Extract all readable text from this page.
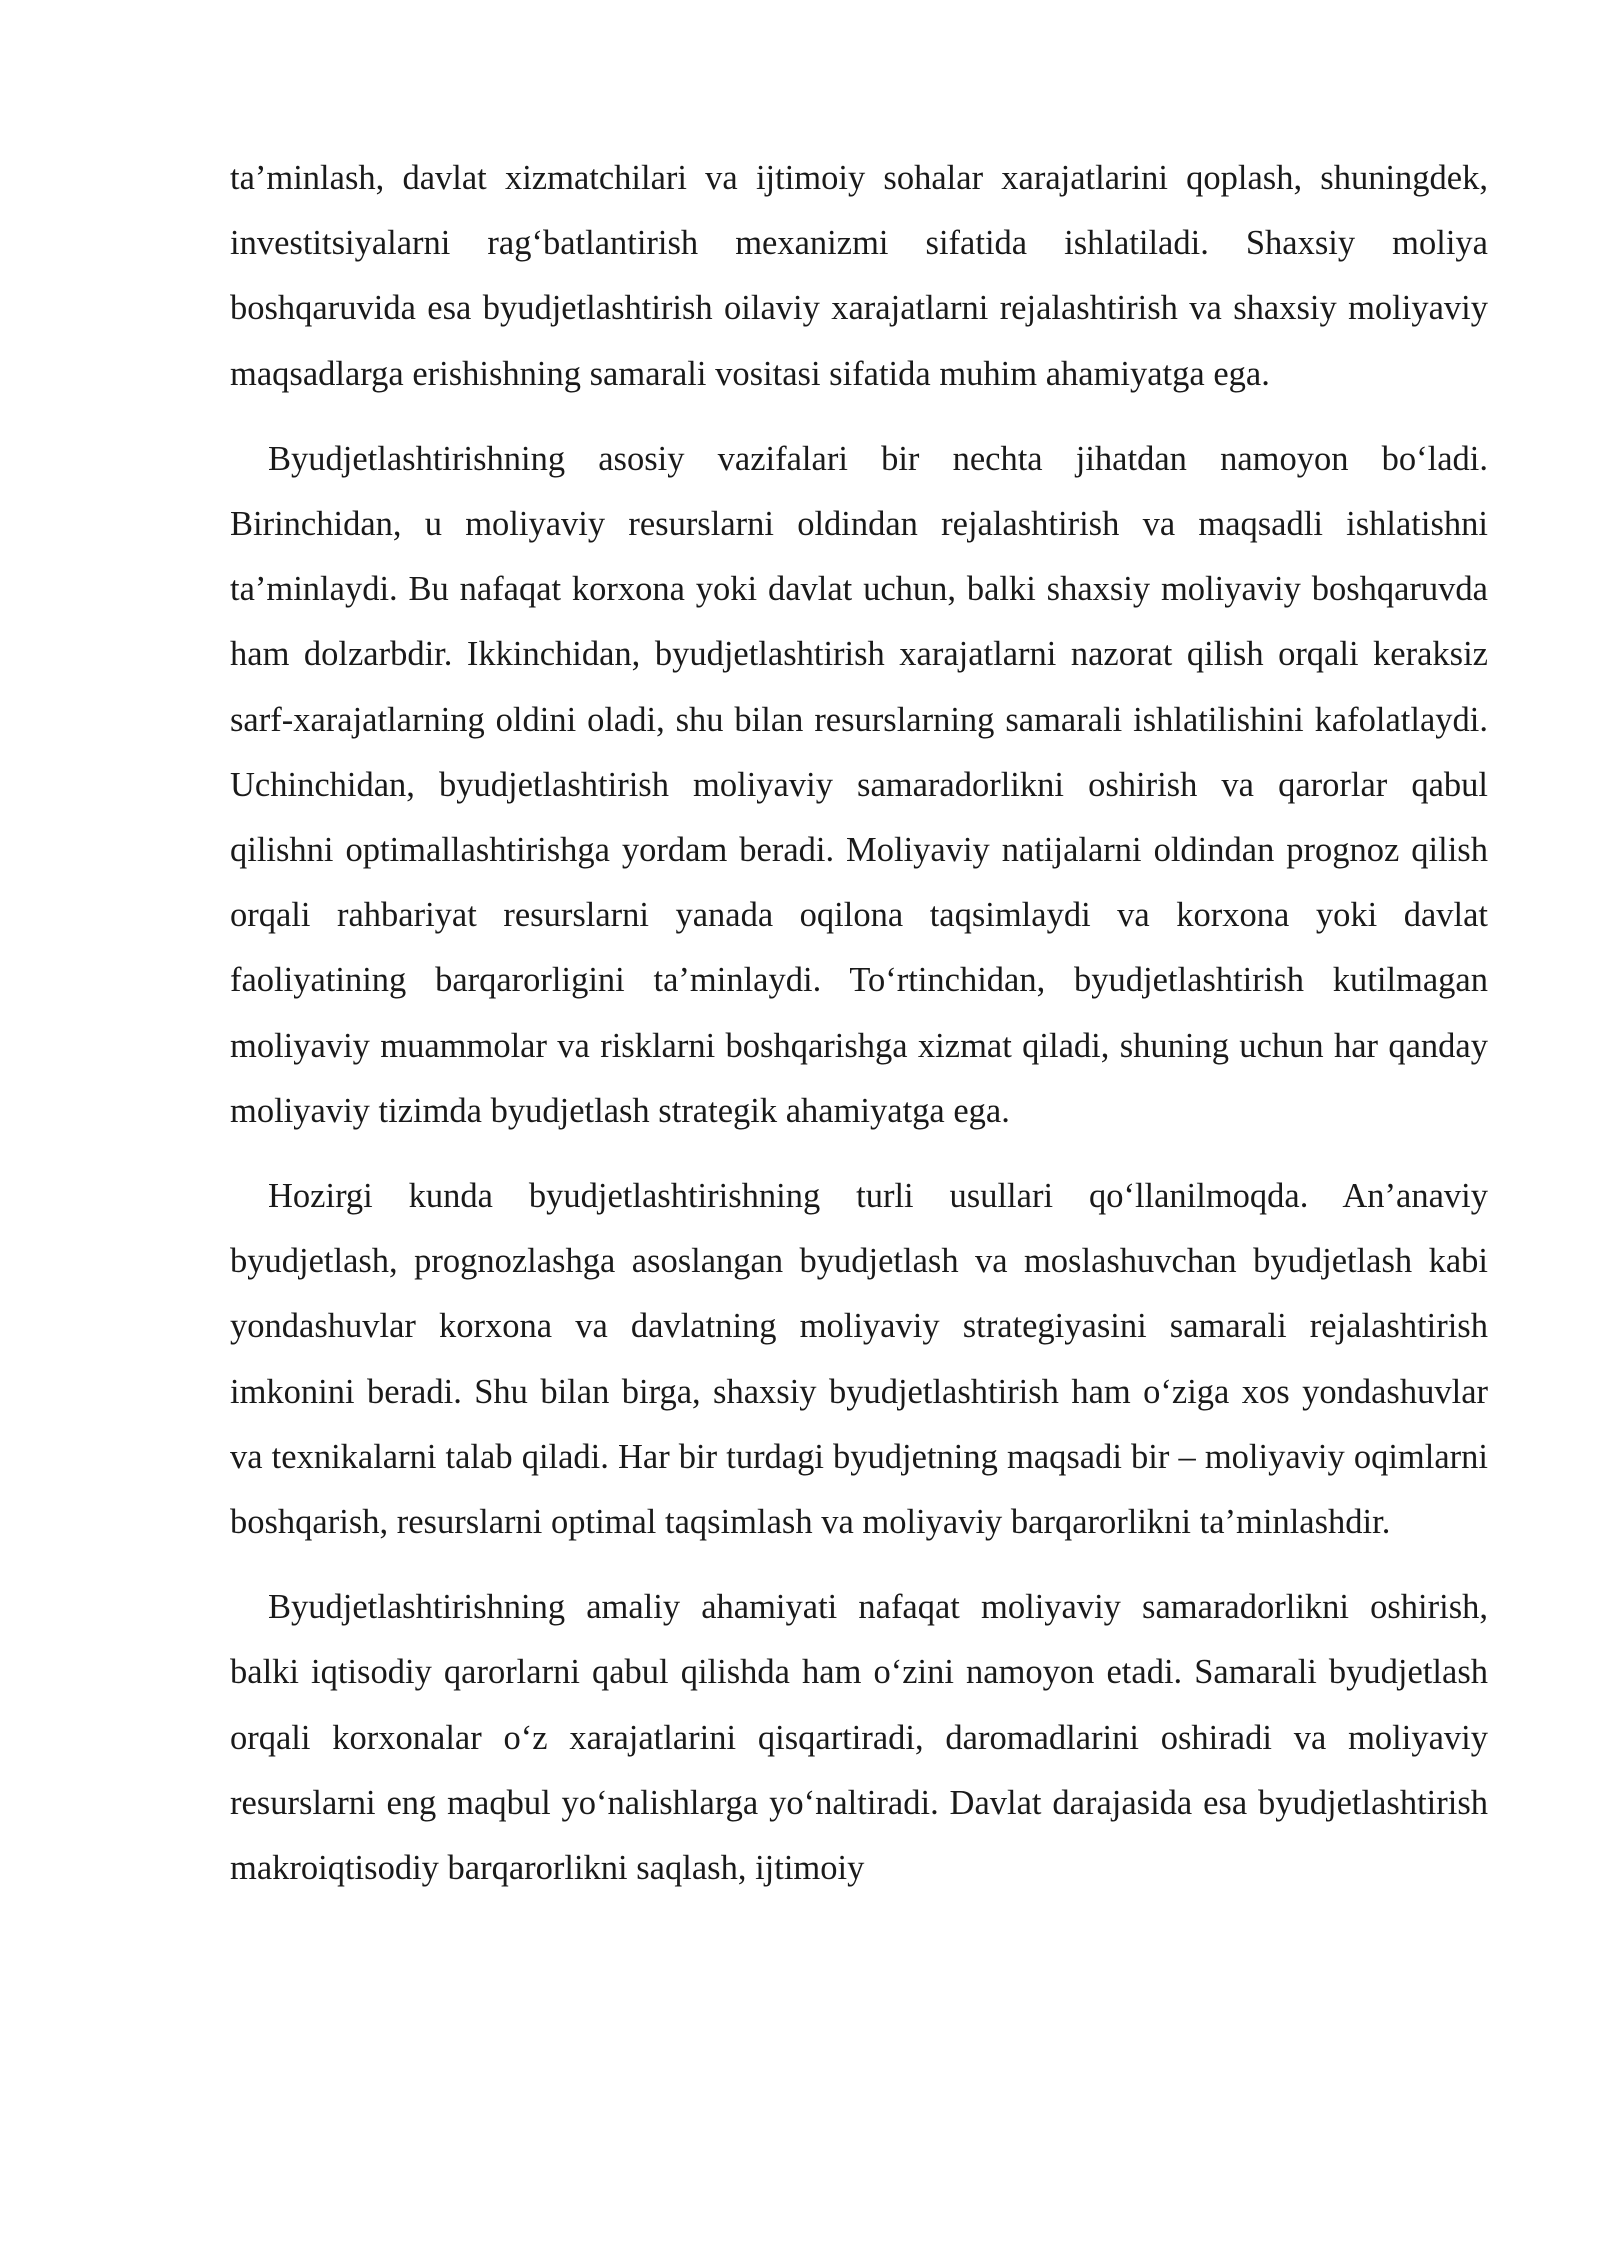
ta’minlash, davlat xizmatchilari va ijtimoiy sohalar xarajatlarini qoplash, shuningdek, investitsiyalarni rag‘batlantirish mexanizmi sifatida ishlatiladi. Shaxsiy moliya boshqaruvida esa byudjetlashtirish oilaviy xarajatlarni rejalashtirish va shaxsiy moliyaviy maqsadlarga erishishning samarali vositasi sifatida muhim ahamiyatga ega.

Byudjetlashtirishning asosiy vazifalari bir nechta jihatdan namoyon bo‘ladi. Birinchidan, u moliyaviy resurslarni oldindan rejalashtirish va maqsadli ishlatishni ta’minlaydi. Bu nafaqat korxona yoki davlat uchun, balki shaxsiy moliyaviy boshqaruvda ham dolzarbdir. Ikkinchidan, byudjetlashtirish xarajatlarni nazorat qilish orqali keraksiz sarf-xarajatlarning oldini oladi, shu bilan resurslarning samarali ishlatilishini kafolatlaydi. Uchinchidan, byudjetlashtirish moliyaviy samaradorlikni oshirish va qarorlar qabul qilishni optimallashtirishga yordam beradi. Moliyaviy natijalarni oldindan prognoz qilish orqali rahbariyat resurslarni yanada oqilona taqsimlaydi va korxona yoki davlat faoliyatining barqarorligini ta’minlaydi. To‘rtinchidan, byudjetlashtirish kutilmagan moliyaviy muammolar va risklarni boshqarishga xizmat qiladi, shuning uchun har qanday moliyaviy tizimda byudjetlash strategik ahamiyatga ega.

Hozirgi kunda byudjetlashtirishning turli usullari qo‘llanilmoqda. An’anaviy byudjetlash, prognozlashga asoslangan byudjetlash va moslashuvchan byudjetlash kabi yondashuvlar korxona va davlatning moliyaviy strategiyasini samarali rejalashtirish imkonini beradi. Shu bilan birga, shaxsiy byudjetlashtirish ham o‘ziga xos yondashuvlar va texnikalarni talab qiladi. Har bir turdagi byudjetning maqsadi bir – moliyaviy oqimlarni boshqarish, resurslarni optimal taqsimlash va moliyaviy barqarorlikni ta’minlashdir.

Byudjetlashtirishning amaliy ahamiyati nafaqat moliyaviy samaradorlikni oshirish, balki iqtisodiy qarorlarni qabul qilishda ham o‘zini namoyon etadi. Samarali byudjetlash orqali korxonalar o‘z xarajatlarini qisqartiradi, daromadlarini oshiradi va moliyaviy resurslarni eng maqbul yo‘nalishlarga yo‘naltiradi. Davlat darajasida esa byudjetlashtirish makroiqtisodiy barqarorlikni saqlash, ijtimoiy
